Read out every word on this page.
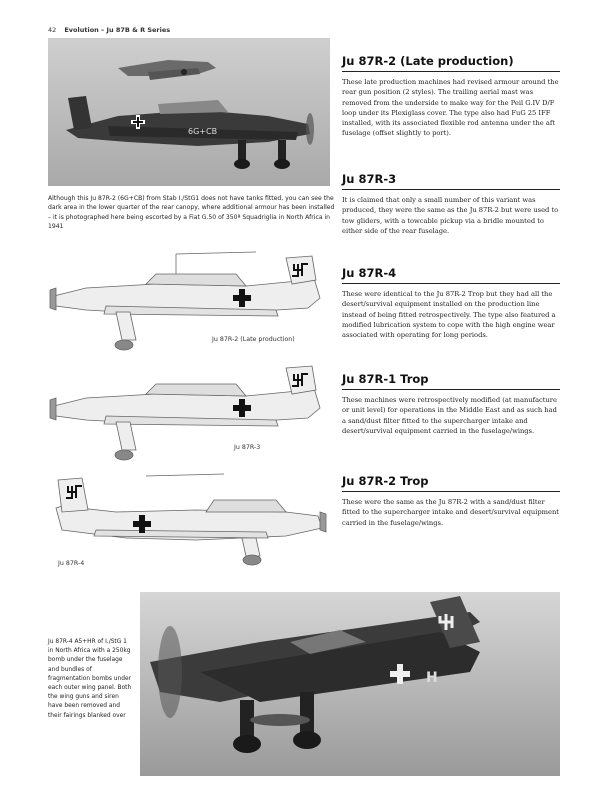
42 Evolution – Ju 87B & R Series
6G+CB
Although this Ju 87R-2 (6G+CB) from Stab I./StG1 does not have tanks fitted, you can see the dark area in the lower quarter of the rear canopy, where additional armour has been installed – it is photographed here being escorted by a Fiat G.50 of 350ª Squadriglia in North Africa in 1941
Ju 87R-2 (Late production)
Ju 87R-3
Ju 87R-4
Ju 87R-2 (Late production)

These late production machines had revised armour around the rear gun position (2 styles). The trailing aerial mast was removed from the underside to make way for the Peil G.IV D/F loop under its Plexiglass cover. The type also had FuG 25 IFF installed, with its associated flexible rod antenna under the aft fuselage (offset slightly to port).

Ju 87R-3

It is claimed that only a small number of this variant was produced, they were the same as the Ju 87R-2 but were used to tow gliders, with a towcable pickup via a bridle mounted to either side of the rear fuselage.

Ju 87R-4

These were identical to the Ju 87R-2 Trop but they had all the desert/survival equipment installed on the production line instead of being fitted retrospectively. The type also featured a modified lubrication system to cope with the high engine wear associated with operating for long periods.

Ju 87R-1 Trop

These machines were retrospectively modified (at manufacture or unit level) for operations in the Middle East and as such had a sand/dust filter fitted to the supercharger intake and desert/survival equipment carried in the fuselage/wings.

Ju 87R-2 Trop

These were the same as the Ju 87R-2 with a sand/dust filter fitted to the supercharger intake and desert/survival equipment carried in the fuselage/wings.

H
Ju 87R-4 A5+HR of I./StG 1 in North Africa with a 250kg bomb under the fuselage and bundles of fragmentation bombs under each outer wing panel. Both the wing guns and siren have been removed and their fairings blanked over
